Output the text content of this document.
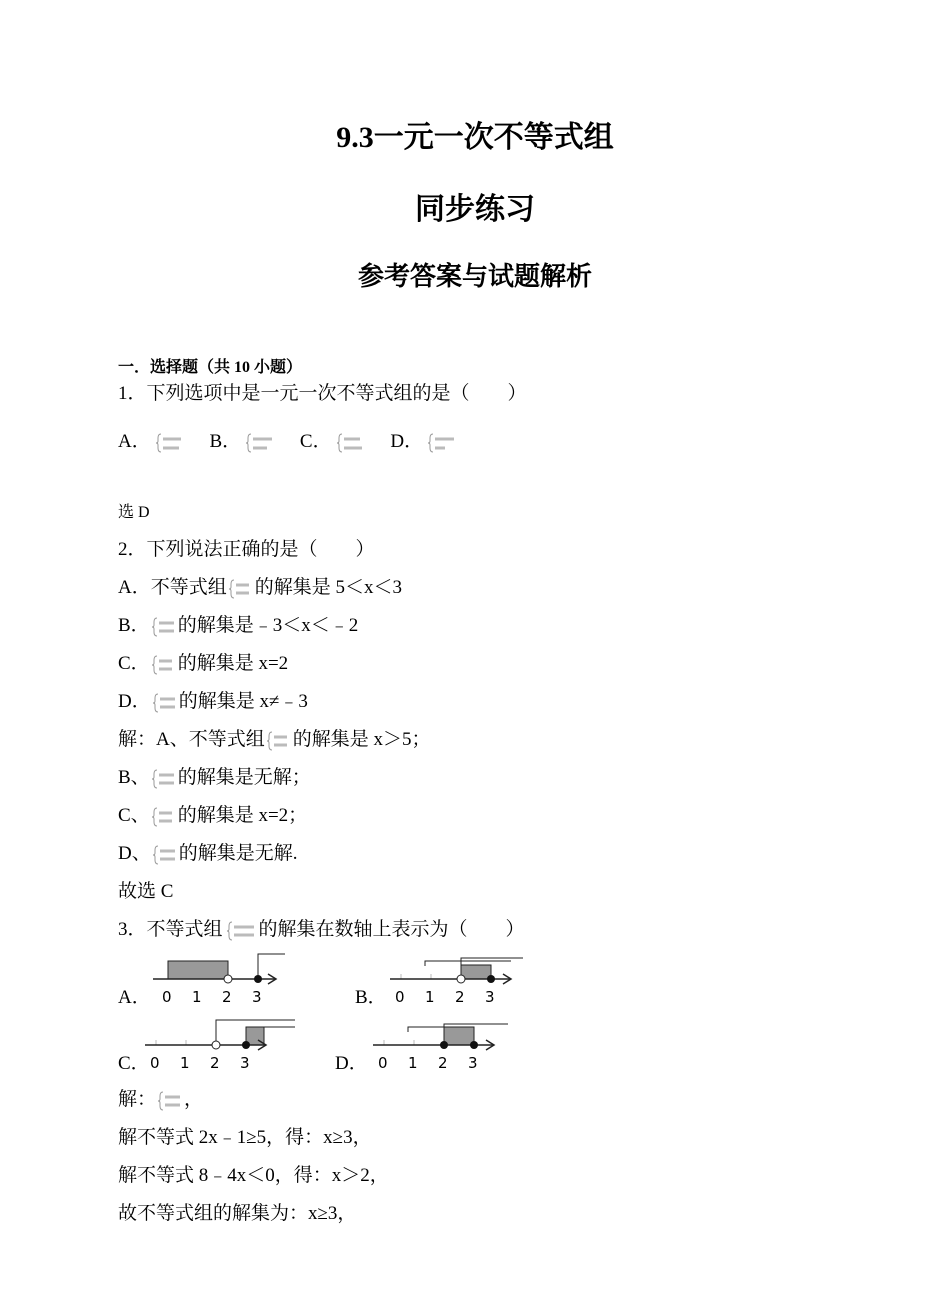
9.3一元一次不等式组
同步练习
参考答案与试题解析
一．选择题（共 10 小题）
1．下列选项中是一元一次不等式组的是（　　）
A．	B．	C．	D．
选 D
2．下列说法正确的是（　　）
A．不等式组 的解集是 5＜x＜3
B． 的解集是﹣3＜x＜﹣2
C． 的解集是 x=2
D． 的解集是 x≠﹣3
解：A、不等式组 的解集是 x＞5；
B、 的解集是无解；
C、 的解集是 x=2；
D、 的解集是无解.
故选 C
3．不等式组 的解集在数轴上表示为（　　）
A．	B．
C．	D．
0 1 2 3	0 1 2 3
0 1 2 3	0 1 2 3
解： ，
解不等式 2x﹣1≥5，得：x≥3，
解不等式 8﹣4x＜0，得：x＞2，
故不等式组的解集为：x≥3，
